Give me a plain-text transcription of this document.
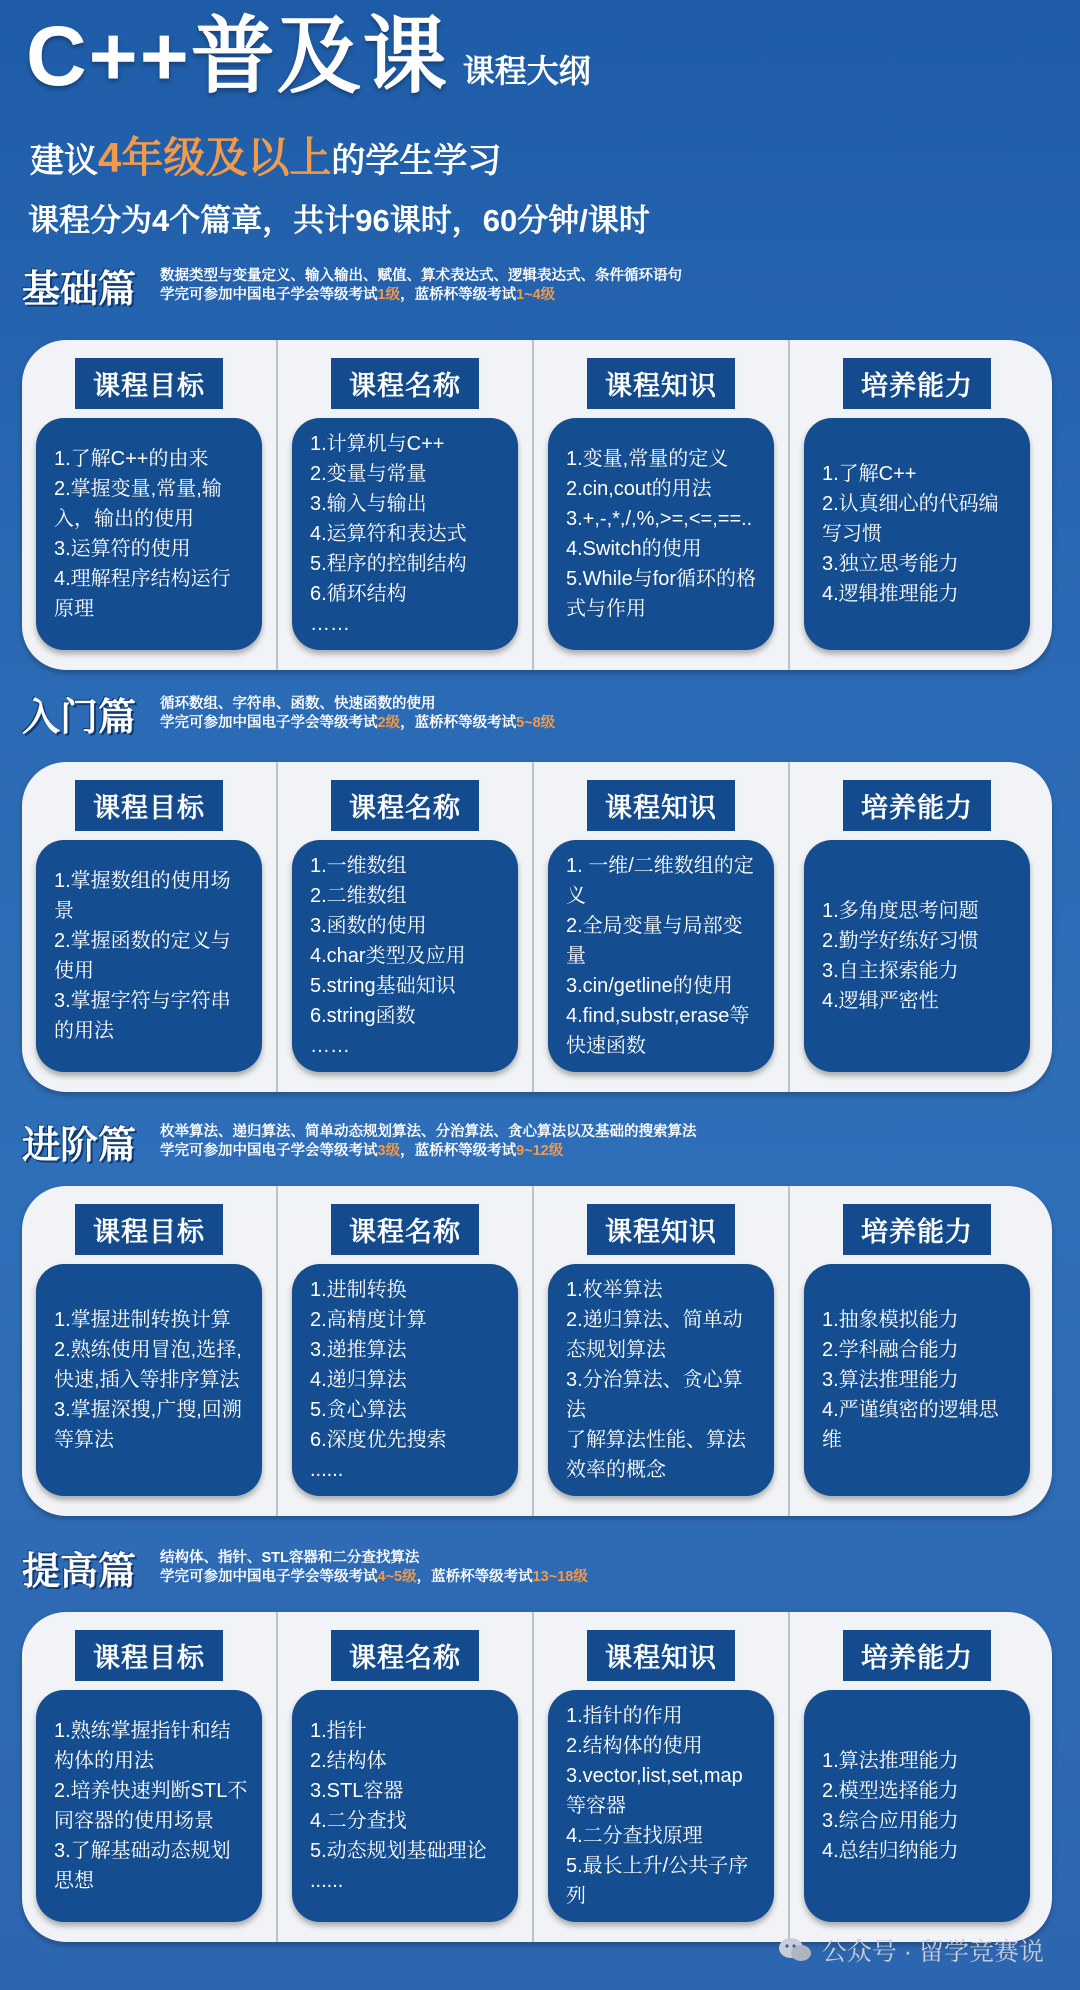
C++普及课 课程大纲
建议4年级及以上的学生学习
课程分为4个篇章，共计96课时，60分钟/课时
基础篇	数据类型与变量定义、输入输出、赋值、算术表达式、逻辑表达式、条件循环语句
学完可参加中国电子学会等级考试1级，蓝桥杯等级考试1~4级
课程目标
1.了解C++的由来
2.掌握变量,常量,输入，输出的使用
3.运算符的使用
4.理解程序结构运行原理
课程名称
1.计算机与C++
2.变量与常量
3.输入与输出
4.运算符和表达式
5.程序的控制结构
6.循环结构
……
课程知识
1.变量,常量的定义
2.cin,cout的用法
3.+,-,*,/,%,>=,<=,==..
4.Switch的使用
5.While与for循环的格式与作用
培养能力
1.了解C++
2.认真细心的代码编写习惯
3.独立思考能力
4.逻辑推理能力
入门篇	循环数组、字符串、函数、快速函数的使用
学完可参加中国电子学会等级考试2级，蓝桥杯等级考试5~8级
课程目标
1.掌握数组的使用场景
2.掌握函数的定义与使用
3.掌握字符与字符串的用法
课程名称
1.一维数组
2.二维数组
3.函数的使用
4.char类型及应用
5.string基础知识
6.string函数
……
课程知识
1. 一维/二维数组的定义
2.全局变量与局部变量
3.cin/getline的使用
4.find,substr,erase等快速函数
培养能力
1.多角度思考问题
2.勤学好练好习惯
3.自主探索能力
4.逻辑严密性
进阶篇	枚举算法、递归算法、简单动态规划算法、分治算法、贪心算法以及基础的搜索算法
学完可参加中国电子学会等级考试3级，蓝桥杯等级考试9~12级
课程目标
1.掌握进制转换计算
2.熟练使用冒泡,选择,快速,插入等排序算法
3.掌握深搜,广搜,回溯等算法
课程名称
1.进制转换
2.高精度计算
3.递推算法
4.递归算法
5.贪心算法
6.深度优先搜索
......
课程知识
1.枚举算法
2.递归算法、简单动态规划算法
3.分治算法、贪心算法
了解算法性能、算法效率的概念
培养能力
1.抽象模拟能力
2.学科融合能力
3.算法推理能力
4.严谨缜密的逻辑思维
提高篇	结构体、指针、STL容器和二分查找算法
学完可参加中国电子学会等级考试4~5级，蓝桥杯等级考试13~18级
课程目标
1.熟练掌握指针和结构体的用法
2.培养快速判断STL不同容器的使用场景
3.了解基础动态规划思想
课程名称
1.指针
2.结构体
3.STL容器
4.二分查找
5.动态规划基础理论
......
课程知识
1.指针的作用
2.结构体的使用
3.vector,list,set,map等容器
4.二分查找原理
5.最长上升/公共子序列
培养能力
1.算法推理能力
2.模型选择能力
3.综合应用能力
4.总结归纳能力
公众号 · 留学竞赛说
